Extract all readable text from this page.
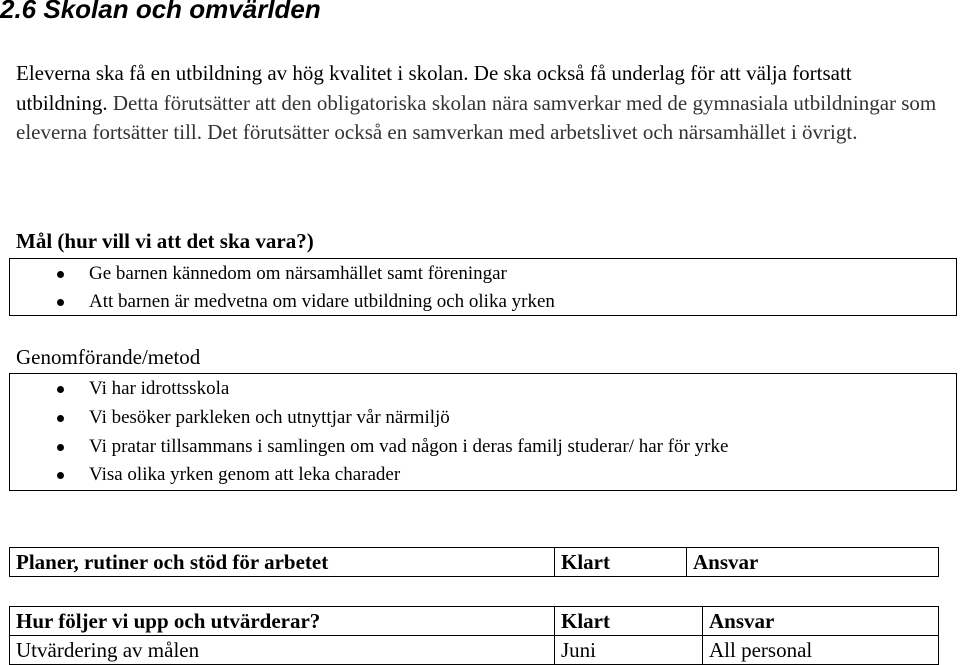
2.6 Skolan och omvärlden
Eleverna ska få en utbildning av hög kvalitet i skolan. De ska också få underlag för att välja fortsatt utbildning. Detta förutsätter att den obligatoriska skolan nära samverkar med de gymnasiala utbildningar som eleverna fortsätter till. Det förutsätter också en samverkan med arbetslivet och närsamhället i övrigt.
Mål (hur vill vi att det ska vara?)
Ge barnen kännedom om närsamhället samt föreningar
Att barnen är medvetna om vidare utbildning och olika yrken
Genomförande/metod
Vi har idrottsskola
Vi besöker parkleken och utnyttjar vår närmiljö
Vi pratar tillsammans i samlingen om vad någon i deras familj studerar/ har för yrke
Visa olika yrken genom att leka charader
Planer, rutiner och stöd för arbetet	Klart	Ansvar
Hur följer vi upp och utvärderar?	Klart	Ansvar
Utvärdering av målen	Juni	All personal
